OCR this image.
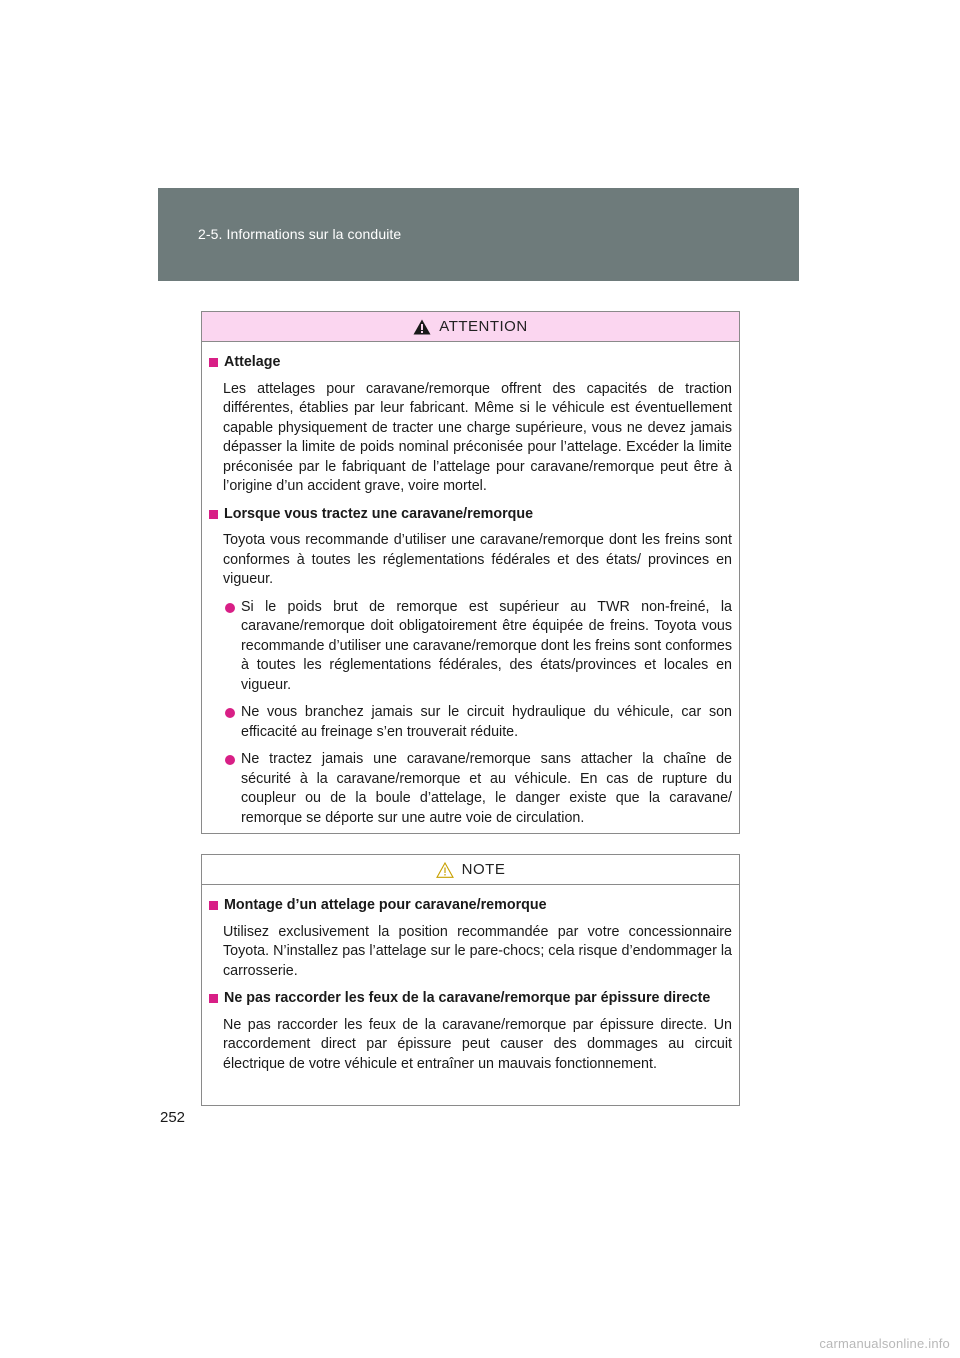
2-5. Informations sur la conduite
ATTENTION
Attelage
Les attelages pour caravane/remorque offrent des capacités de traction différentes, établies par leur fabricant. Même si le véhicule est éventuellement capable physiquement de tracter une charge supérieure, vous ne devez jamais dépasser la limite de poids nominal préconisée pour l’attelage. Excéder la limite préconisée par le fabriquant de l’attelage pour caravane/remorque peut être à l’origine d’un accident grave, voire mortel.
Lorsque vous tractez une caravane/remorque
Toyota vous recommande d’utiliser une caravane/remorque dont les freins sont conformes à toutes les réglementations fédérales et des états/ provinces en vigueur.
Si le poids brut de remorque est supérieur au TWR non-freiné, la caravane/remorque doit obligatoirement être équipée de freins. Toyota vous recommande d’utiliser une caravane/remorque dont les freins sont conformes à toutes les réglementations fédérales, des états/provinces et locales en vigueur.
Ne vous branchez jamais sur le circuit hydraulique du véhicule, car son efficacité au freinage s’en trouverait réduite.
Ne tractez jamais une caravane/remorque sans attacher la chaîne de sécurité à la caravane/remorque et au véhicule. En cas de rupture du coupleur ou de la boule d’attelage, le danger existe que la caravane/ remorque se déporte sur une autre voie de circulation.
NOTE
Montage d’un attelage pour caravane/remorque
Utilisez exclusivement la position recommandée par votre concessionnaire Toyota. N’installez pas l’attelage sur le pare-chocs; cela risque d’endommager la carrosserie.
Ne pas raccorder les feux de la caravane/remorque par épissure directe
Ne pas raccorder les feux de la caravane/remorque par épissure directe. Un raccordement direct par épissure peut causer des dommages au circuit électrique de votre véhicule et entraîner un mauvais fonctionnement.
252
carmanualsonline.info
